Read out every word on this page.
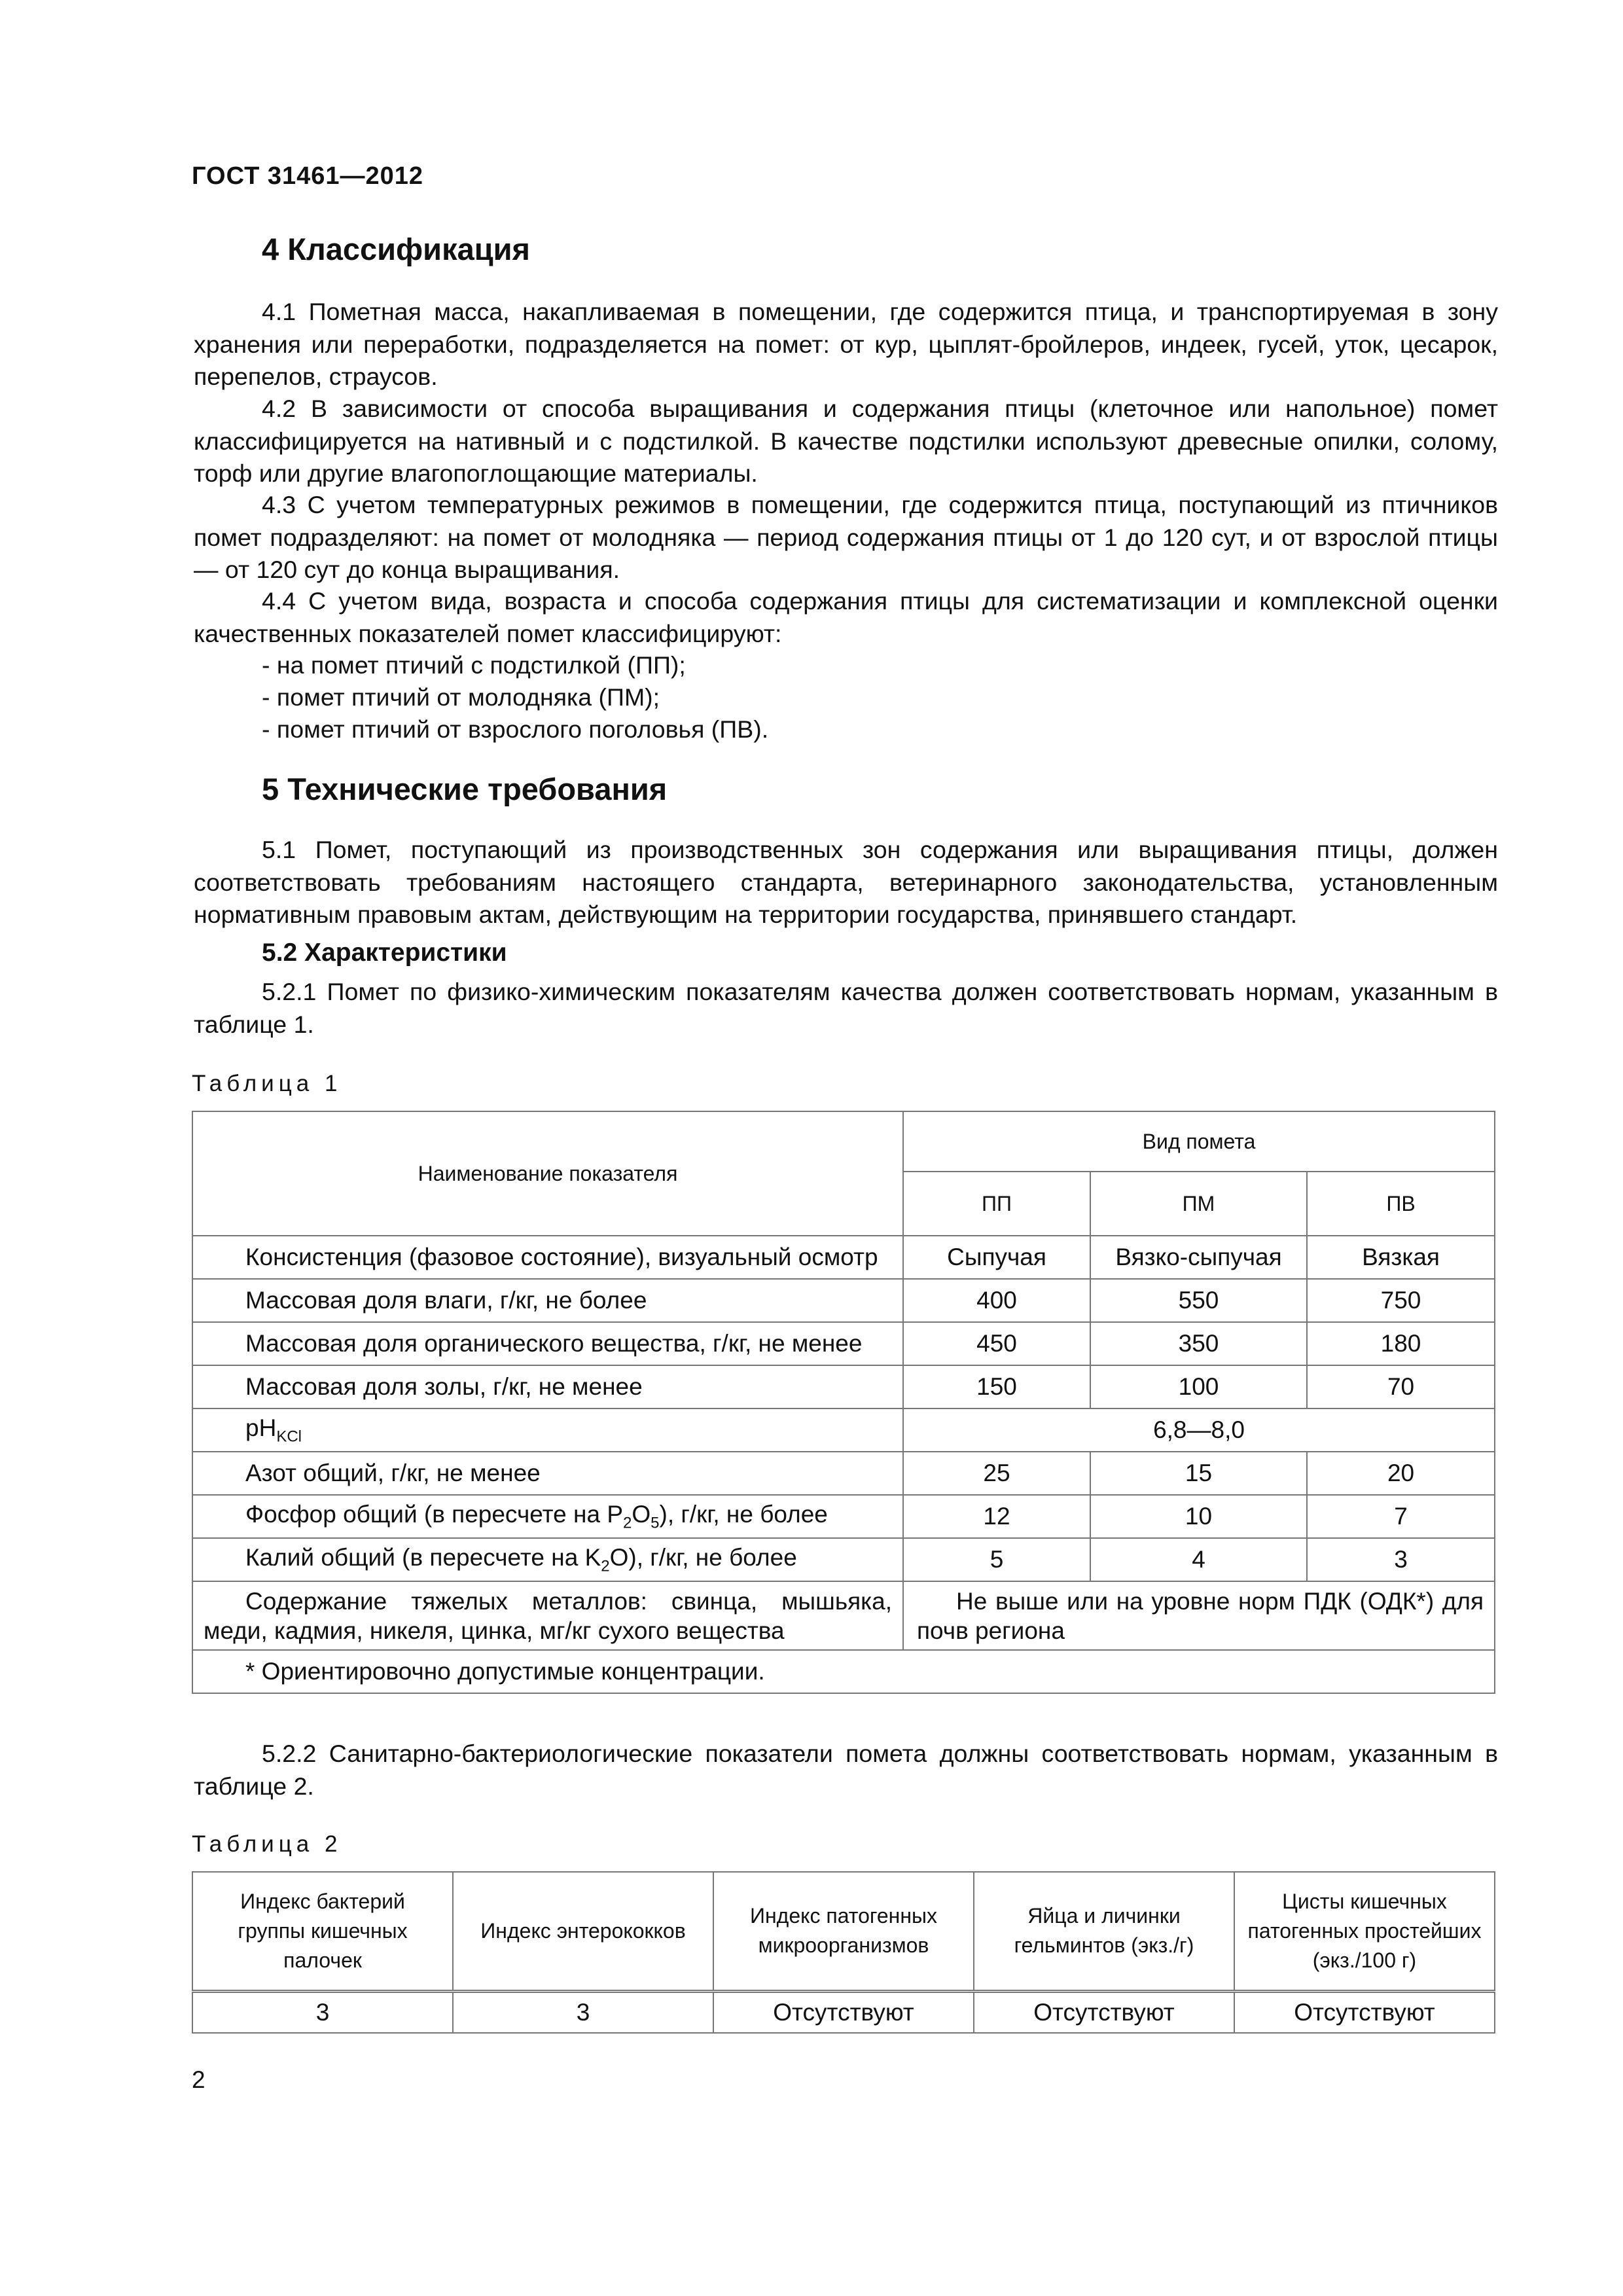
ГОСТ 31461—2012
4 Классификация

4.1 Пометная масса, накапливаемая в помещении, где содержится птица, и транспортируемая в зону хранения или переработки, подразделяется на помет: от кур, цыплят-бройлеров, индеек, гусей, уток, цесарок, перепелов, страусов.

4.2 В зависимости от способа выращивания и содержания птицы (клеточное или напольное) помет классифицируется на нативный и с подстилкой. В качестве подстилки используют древесные опилки, солому, торф или другие влагопоглощающие материалы.

4.3 С учетом температурных режимов в помещении, где содержится птица, поступающий из птичников помет подразделяют: на помет от молодняка — период содержания птицы от 1 до 120 сут, и от взрослой птицы — от 120 сут до конца выращивания.

4.4 С учетом вида, возраста и способа содержания птицы для систематизации и комплексной оценки качественных показателей помет классифицируют:

- на помет птичий с подстилкой (ПП);
- помет птичий от молодняка (ПМ);
- помет птичий от взрослого поголовья (ПВ).
5 Технические требования

5.1 Помет, поступающий из производственных зон содержания или выращивания птицы, должен соответствовать требованиям настоящего стандарта, ветеринарного законодательства, установленным нормативным правовым актам, действующим на территории государства, принявшего стандарт.

5.2 Характеристики

5.2.1 Помет по физико-химическим показателям качества должен соответствовать нормам, указанным в таблице 1.

Таблица 1
Наименование показателя	Вид помета		
	ПП	ПМ	ПВ
Консистенция (фазовое состояние), визуальный осмотр	Сыпучая	Вязко-сыпучая	Вязкая
Массовая доля влаги, г/кг, не более	400	550	750
Массовая доля органического вещества, г/кг, не менее	450	350	180
Массовая доля золы, г/кг, не менее	150	100	70
$pH_{KCl}$	6,8—8,0		
Азот общий, г/кг, не менее	25	15	20
Фосфор общий (в пересчете на $P_2O_5$), г/кг, не более	12	10	7
Калий общий (в пересчете на $K_2O$), г/кг, не более	5	4	3
Содержание тяжелых металлов: свинца, мышьяка, меди, кадмия, никеля, цинка, мг/кг сухого вещества	Не выше или на уровне норм ПДК (ОДК*) для почв региона		
* Ориентировочно допустимые концентрации.			

5.2.2 Санитарно-бактериологические показатели помета должны соответствовать нормам, указанным в таблице 2.

Таблица 2
Индекс бактерий группы кишечных палочек	Индекс энтерококков	Индекс патогенных микроорганизмов	Яйца и личинки гельминтов (экз./г)	Цисты кишечных патогенных простейших (экз./100 г)
3	3	Отсутствуют	Отсутствуют	Отсутствуют
2
